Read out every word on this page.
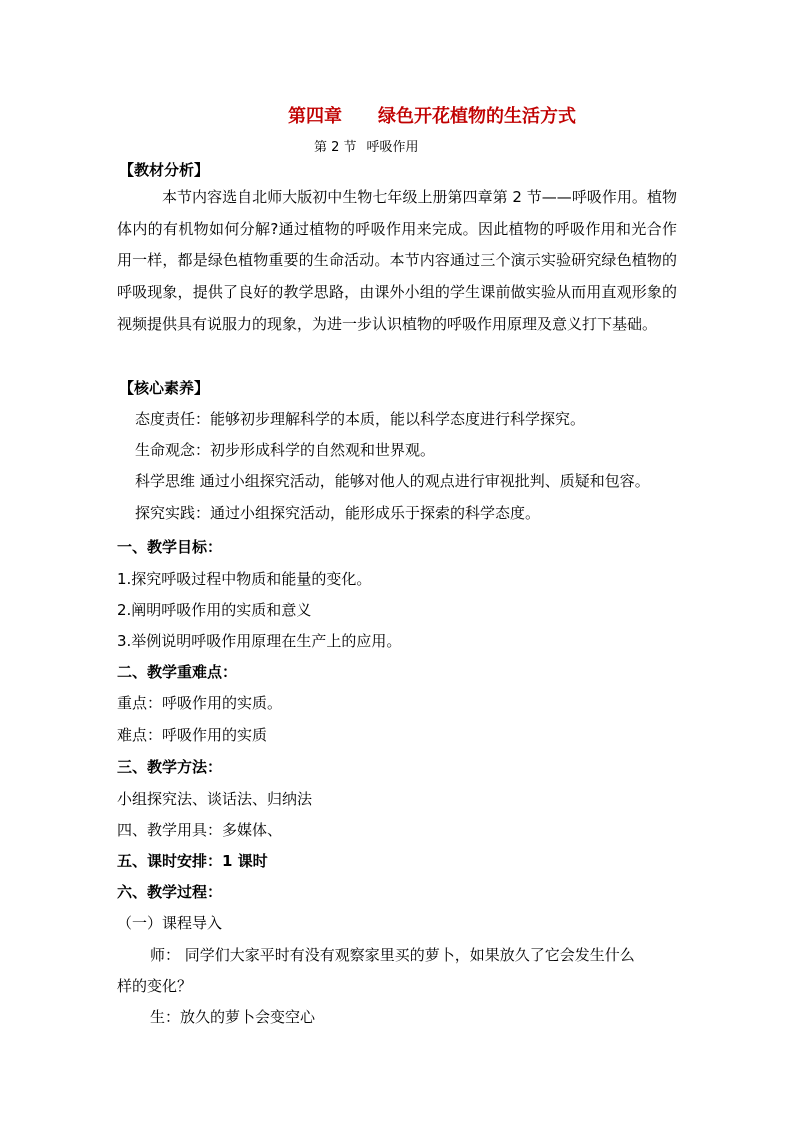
第四章 绿色开花植物的生活方式
第 2 节 呼吸作用
【教材分析】
本节内容选自北师大版初中生物七年级上册第四章第 2 节——呼吸作用。植物体内的有机物如何分解?通过植物的呼吸作用来完成。因此植物的呼吸作用和光合作用一样，都是绿色植物重要的生命活动。本节内容通过三个演示实验研究绿色植物的呼吸现象，提供了良好的教学思路，由课外小组的学生课前做实验从而用直观形象的视频提供具有说服力的现象，为进一步认识植物的呼吸作用原理及意义打下基础。
【核心素养】
态度责任：能够初步理解科学的本质，能以科学态度进行科学探究。
生命观念：初步形成科学的自然观和世界观。
科学思维 通过小组探究活动，能够对他人的观点进行审视批判、质疑和包容。
探究实践：通过小组探究活动，能形成乐于探索的科学态度。
一、教学目标：
1.探究呼吸过程中物质和能量的变化。
2.阐明呼吸作用的实质和意义
3.举例说明呼吸作用原理在生产上的应用。
二、教学重难点：
重点：呼吸作用的实质。
难点：呼吸作用的实质
三、教学方法：
小组探究法、谈话法、归纳法
四、教学用具：多媒体、
五、课时安排：1 课时
六、教学过程：
（一）课程导入
师： 同学们大家平时有没有观察家里买的萝卜，如果放久了它会发生什么
样的变化？
生：放久的萝卜会变空心
